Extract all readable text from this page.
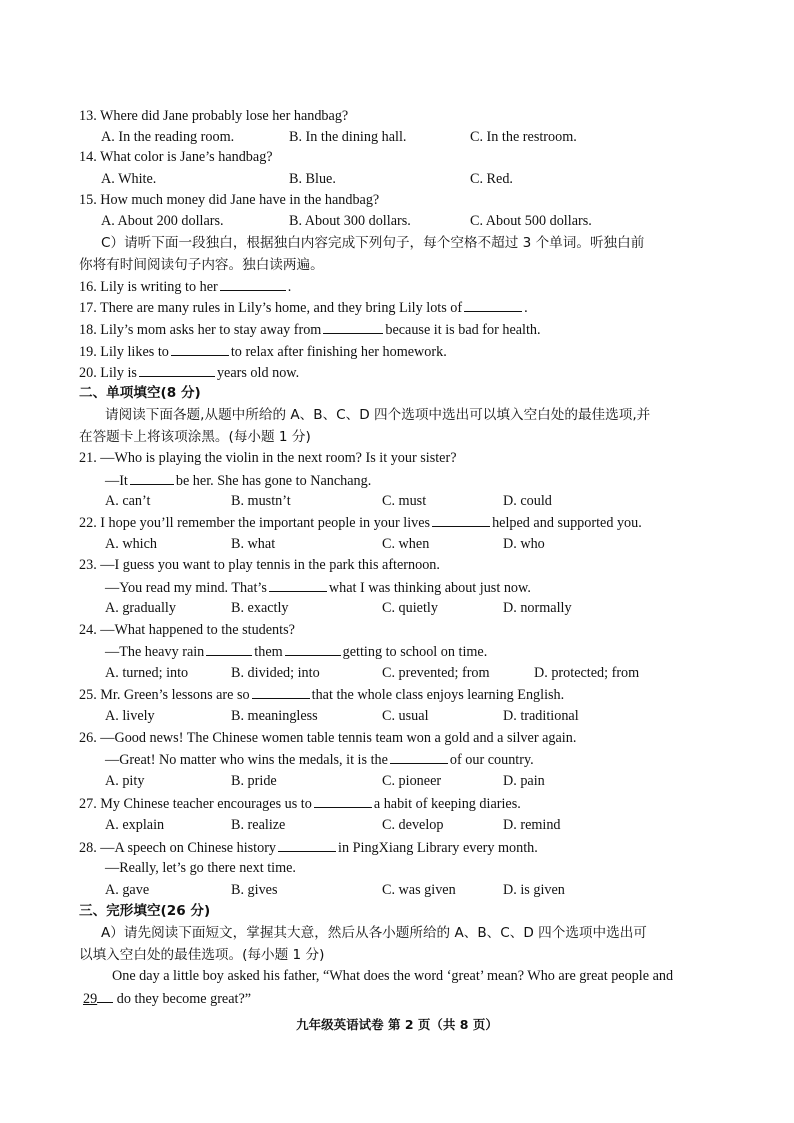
13. Where did Jane probably lose her handbag?
A. In the reading room.	B. In the dining hall.	C. In the restroom.
14. What color is Jane’s handbag?
A. White.	B. Blue.	C. Red.
15. How much money did Jane have in the handbag?
A. About 200 dollars.	B. About 300 dollars.	C. About 500 dollars.
C）请听下面一段独白，根据独白内容完成下列句子，每个空格不超过 3 个单词。听独白前
你将有时间阅读句子内容。独白读两遍。
16. Lily is writing to her	.
17. There are many rules in Lily’s home, and they bring Lily lots of	.
18. Lily’s mom asks her to stay away from	because it is bad for health.
19. Lily likes to	to relax after finishing her homework.
20. Lily is	years old now.
二、单项填空(8 分)
请阅读下面各题,从题中所给的 A、B、C、D 四个选项中选出可以填入空白处的最佳选项,并
在答题卡上将该项涂黑。(每小题 1 分)
21. —Who is playing the violin in the next room? Is it your sister?
—It	be her. She has gone to Nanchang.
A. can’t	B. mustn’t	C. must	D. could
22. I hope you’ll remember the important people in your lives	helped and supported you.
A. which	B. what	C. when	D. who
23. —I guess you want to play tennis in the park this afternoon.
—You read my mind. That’s	what I was thinking about just now.
A. gradually	B. exactly	C. quietly	D. normally
24. —What happened to the students?
—The heavy rain	them	getting to school on time.
A. turned; into	B. divided; into	C. prevented; from	D. protected; from
25. Mr. Green’s lessons are so	that the whole class enjoys learning English.
A. lively	B. meaningless	C. usual	D. traditional
26. —Good news! The Chinese women table tennis team won a gold and a silver again.
—Great! No matter who wins the medals, it is the	of our country.
A. pity	B. pride	C. pioneer	D. pain
27. My Chinese teacher encourages us to	a habit of keeping diaries.
A. explain	B. realize	C. develop	D. remind
28. —A speech on Chinese history	in PingXiang Library every month.
—Really, let’s go there next time.
A. gave	B. gives	C. was given	D. is given
三、完形填空(26 分)
A）请先阅读下面短文，掌握其大意，然后从各小题所给的 A、B、C、D 四个选项中选出可
以填入空白处的最佳选项。(每小题 1 分)
One day a little boy asked his father, “What does the word ‘great’ mean? Who are great people and
29 do they become great?”
九年级英语试卷 第 2 页（共 8 页）
